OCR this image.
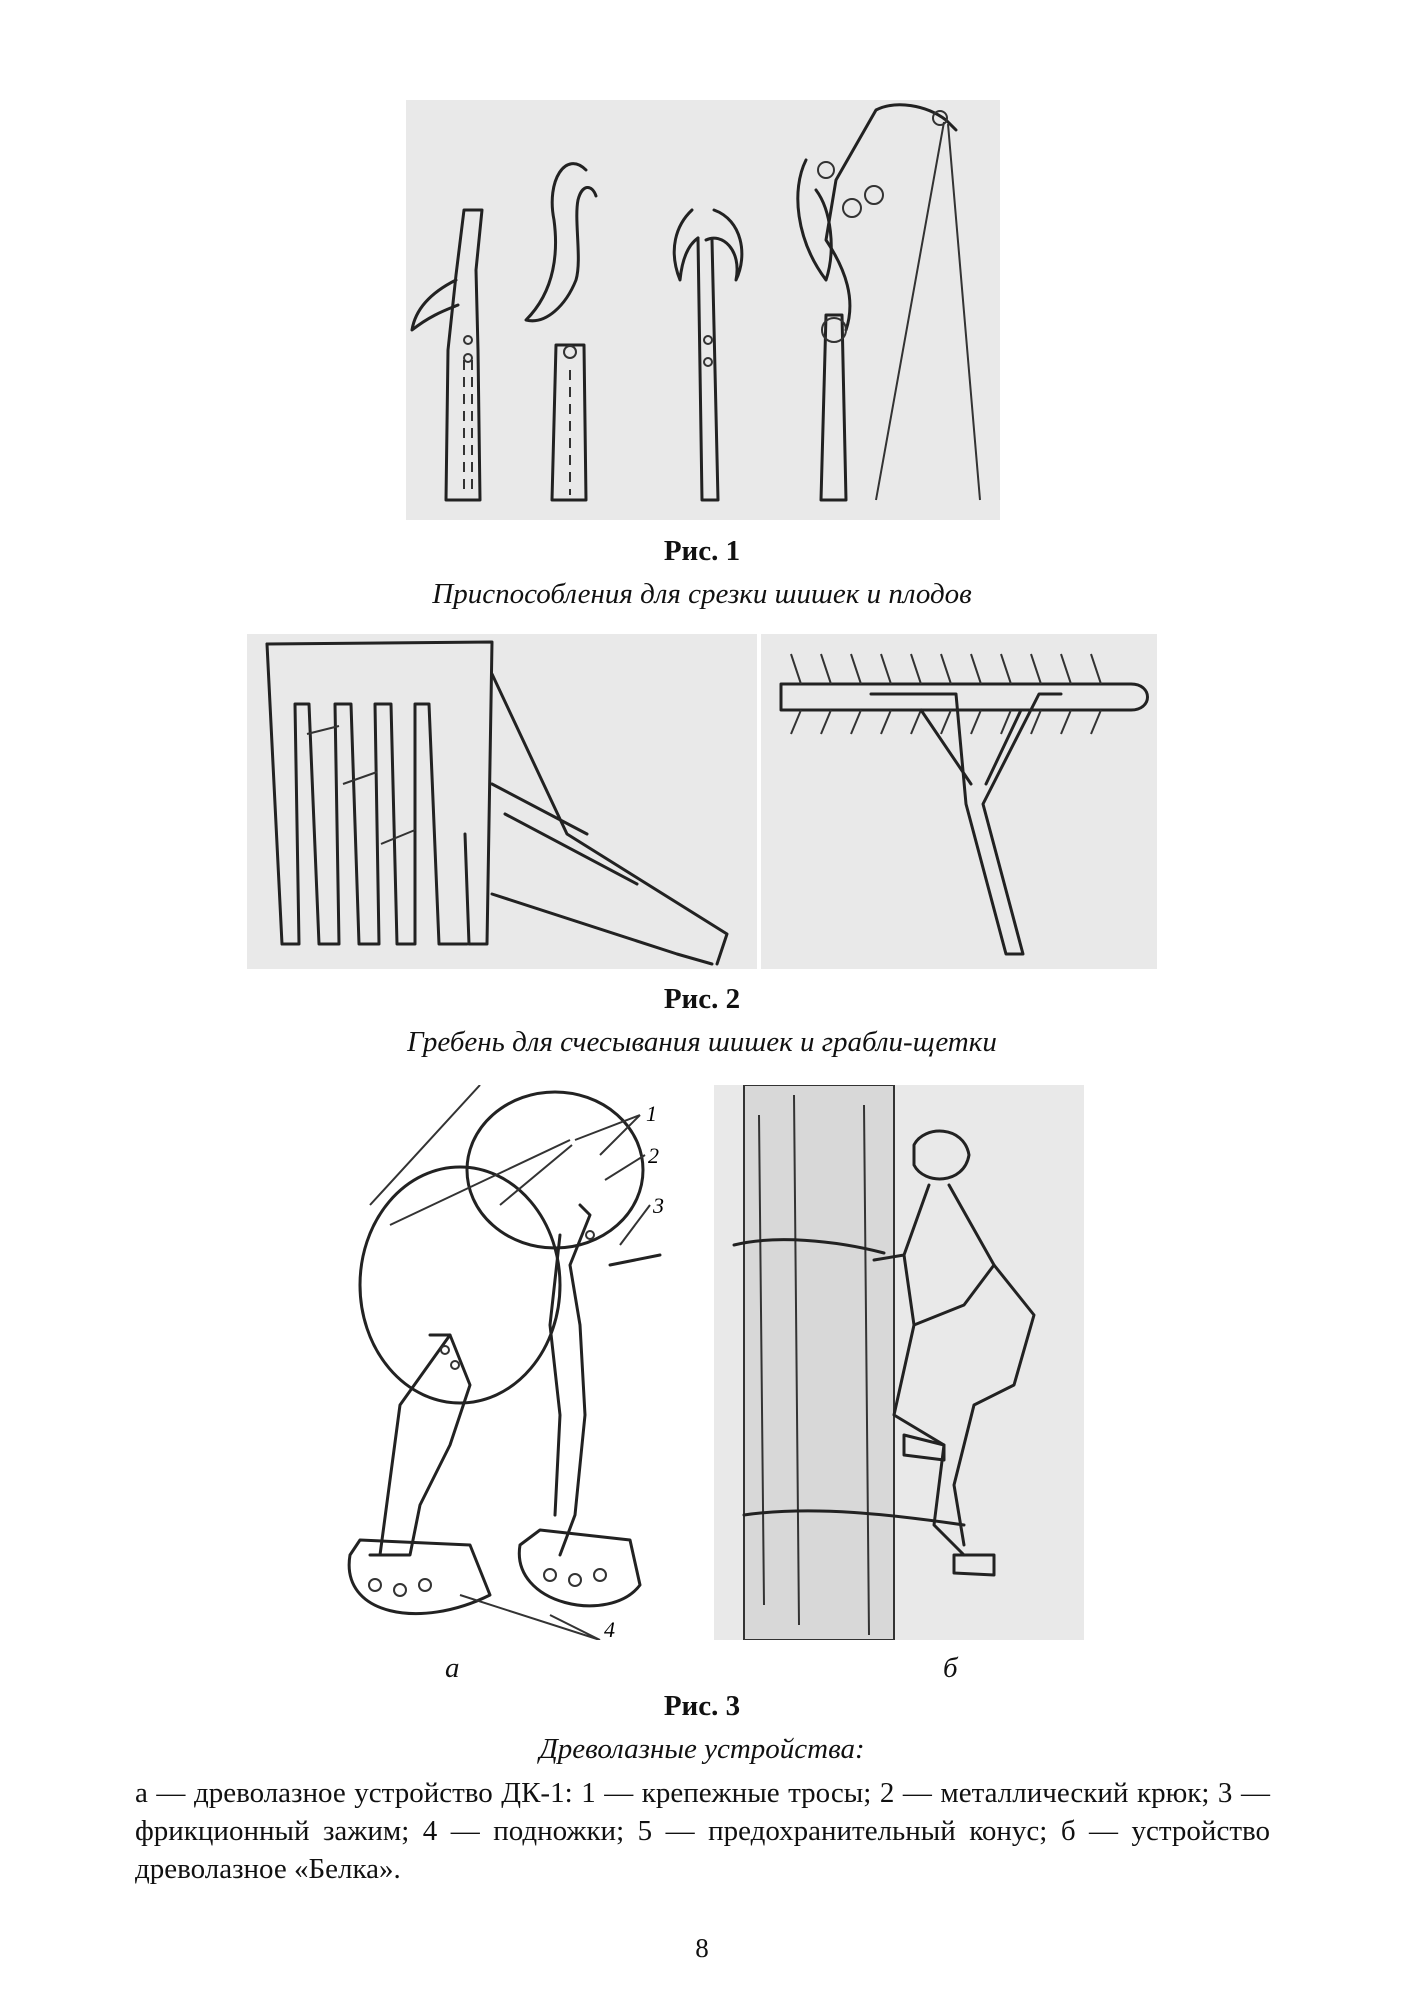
Рис. 1
Приспособления для срезки шишек и плодов
Рис. 2
Гребень для счесывания шишек и грабли-щетки
1
2
3
4
а	б
Рис. 3
Древолазные устройства:
а — древолазное устройство ДК-1: 1 — крепежные тросы; 2 — металлический крюк; 3 — фрикционный зажим; 4 — подножки; 5 — предохранительный конус; б — устройство древолазное «Белка».
8
